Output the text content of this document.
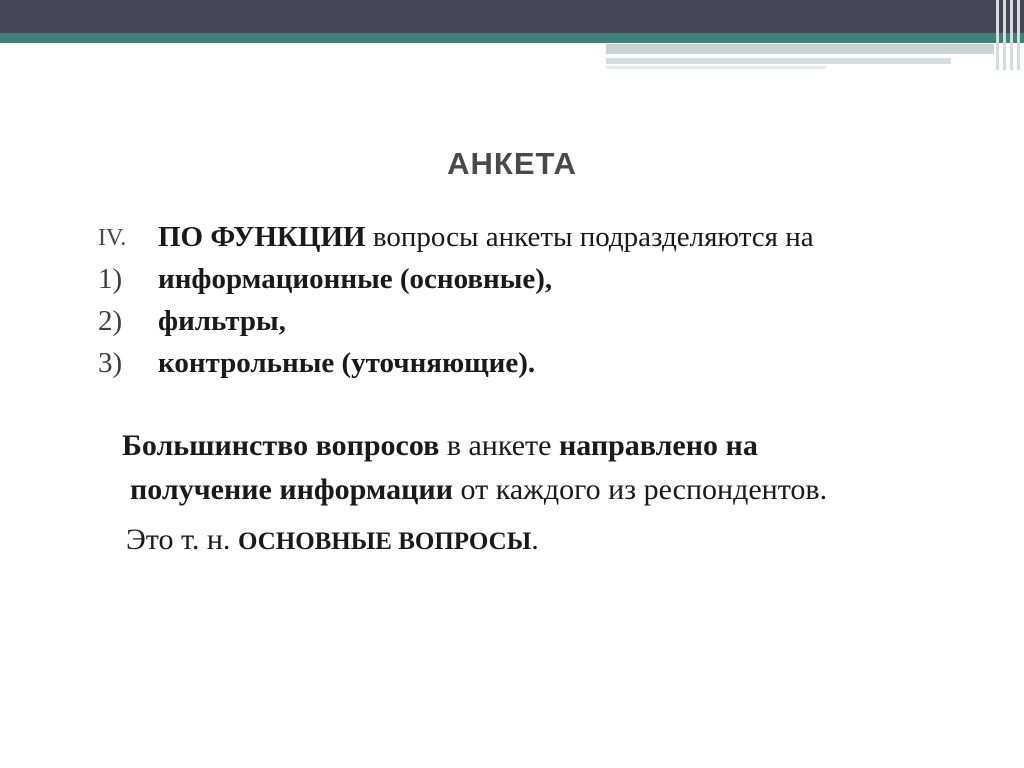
АНКЕТА
IV. ПО ФУНКЦИИ вопросы анкеты подразделяются на
1) информационные (основные),
2) фильтры,
3) контрольные (уточняющие).

Большинство вопросов в анкете направлено на
получение информации от каждого из респондентов.
Это т. н. ОСНОВНЫЕ ВОПРОСЫ.
